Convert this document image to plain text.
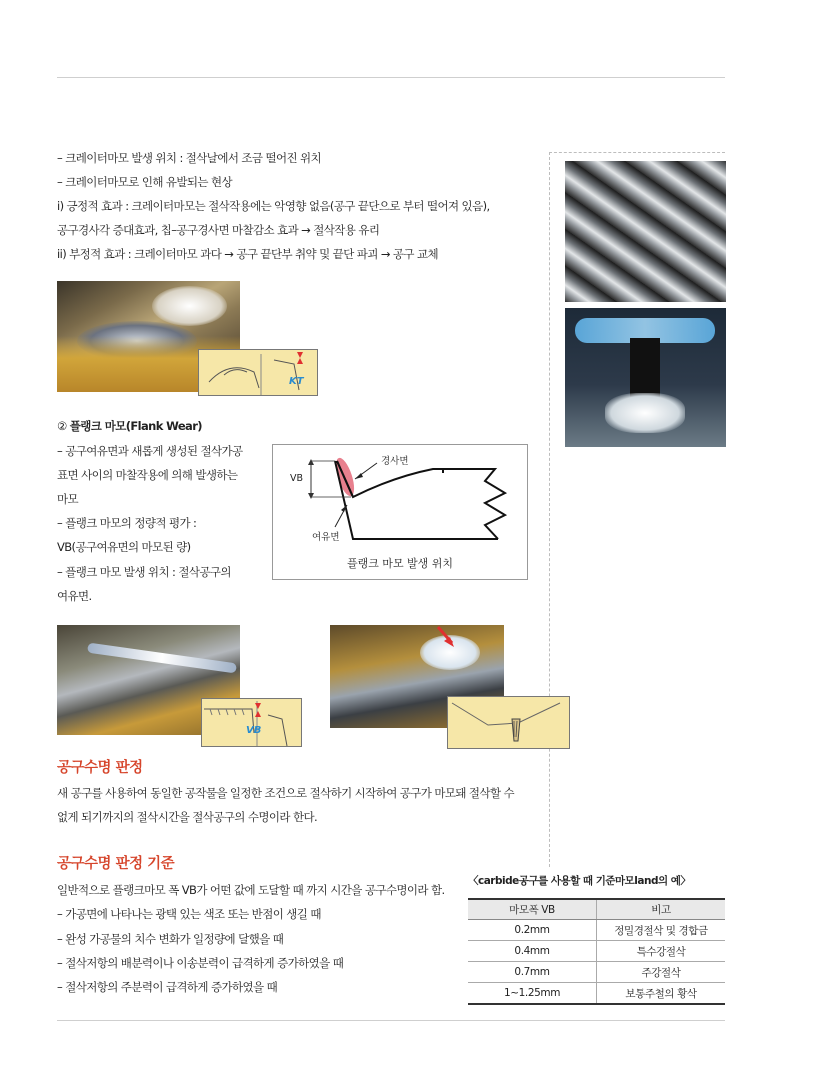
– 크레이터마모 발생 위치 : 절삭날에서 조금 떨어진 위치
– 크레이터마모로 인해 유발되는 현상
i) 긍정적 효과 : 크레이터마모는 절삭작용에는 악영향 없음(공구 끝단으로 부터 떨어져 있음),
공구경사각 증대효과, 칩–공구경사면 마찰감소 효과 → 절삭작용 유리
ii) 부정적 효과 : 크레이터마모 과다 → 공구 끝단부 취약 및 끝단 파괴 → 공구 교체
KT
② 플랭크 마모(Flank Wear)
– 공구여유면과 새롭게 생성된 절삭가공
표면 사이의 마찰작용에 의해 발생하는
마모
– 플랭크 마모의 정량적 평가 :
VB(공구여유면의 마모된 량)
– 플랭크 마모 발생 위치 : 절삭공구의
여유면.
VB
경사면
여유면
플랭크 마모 발생 위치
VB
공구수명 판정
새 공구를 사용하여 동일한 공작물을 일정한 조건으로 절삭하기 시작하여 공구가 마모돼 절삭할 수
없게 되기까지의 절삭시간을 절삭공구의 수명이라 한다.
공구수명 판정 기준
일반적으로 플랭크마모 폭 VB가 어떤 값에 도달할 때 까지 시간을 공구수명이라 함.
– 가공면에 나타나는 광택 있는 색조 또는 반점이 생길 때
– 완성 가공물의 치수 변화가 일정량에 달했을 때
– 절삭저항의 배분력이나 이송분력이 급격하게 증가하였을 때
– 절삭저항의 주분력이 급격하게 증가하였을 때
〈carbide공구를 사용할 때 기준마모land의 예〉
마모폭 VB	비고
0.2mm	정밀경절삭 및 경합금
0.4mm	특수강절삭
0.7mm	주강절삭
1~1.25mm	보통주철의 황삭
